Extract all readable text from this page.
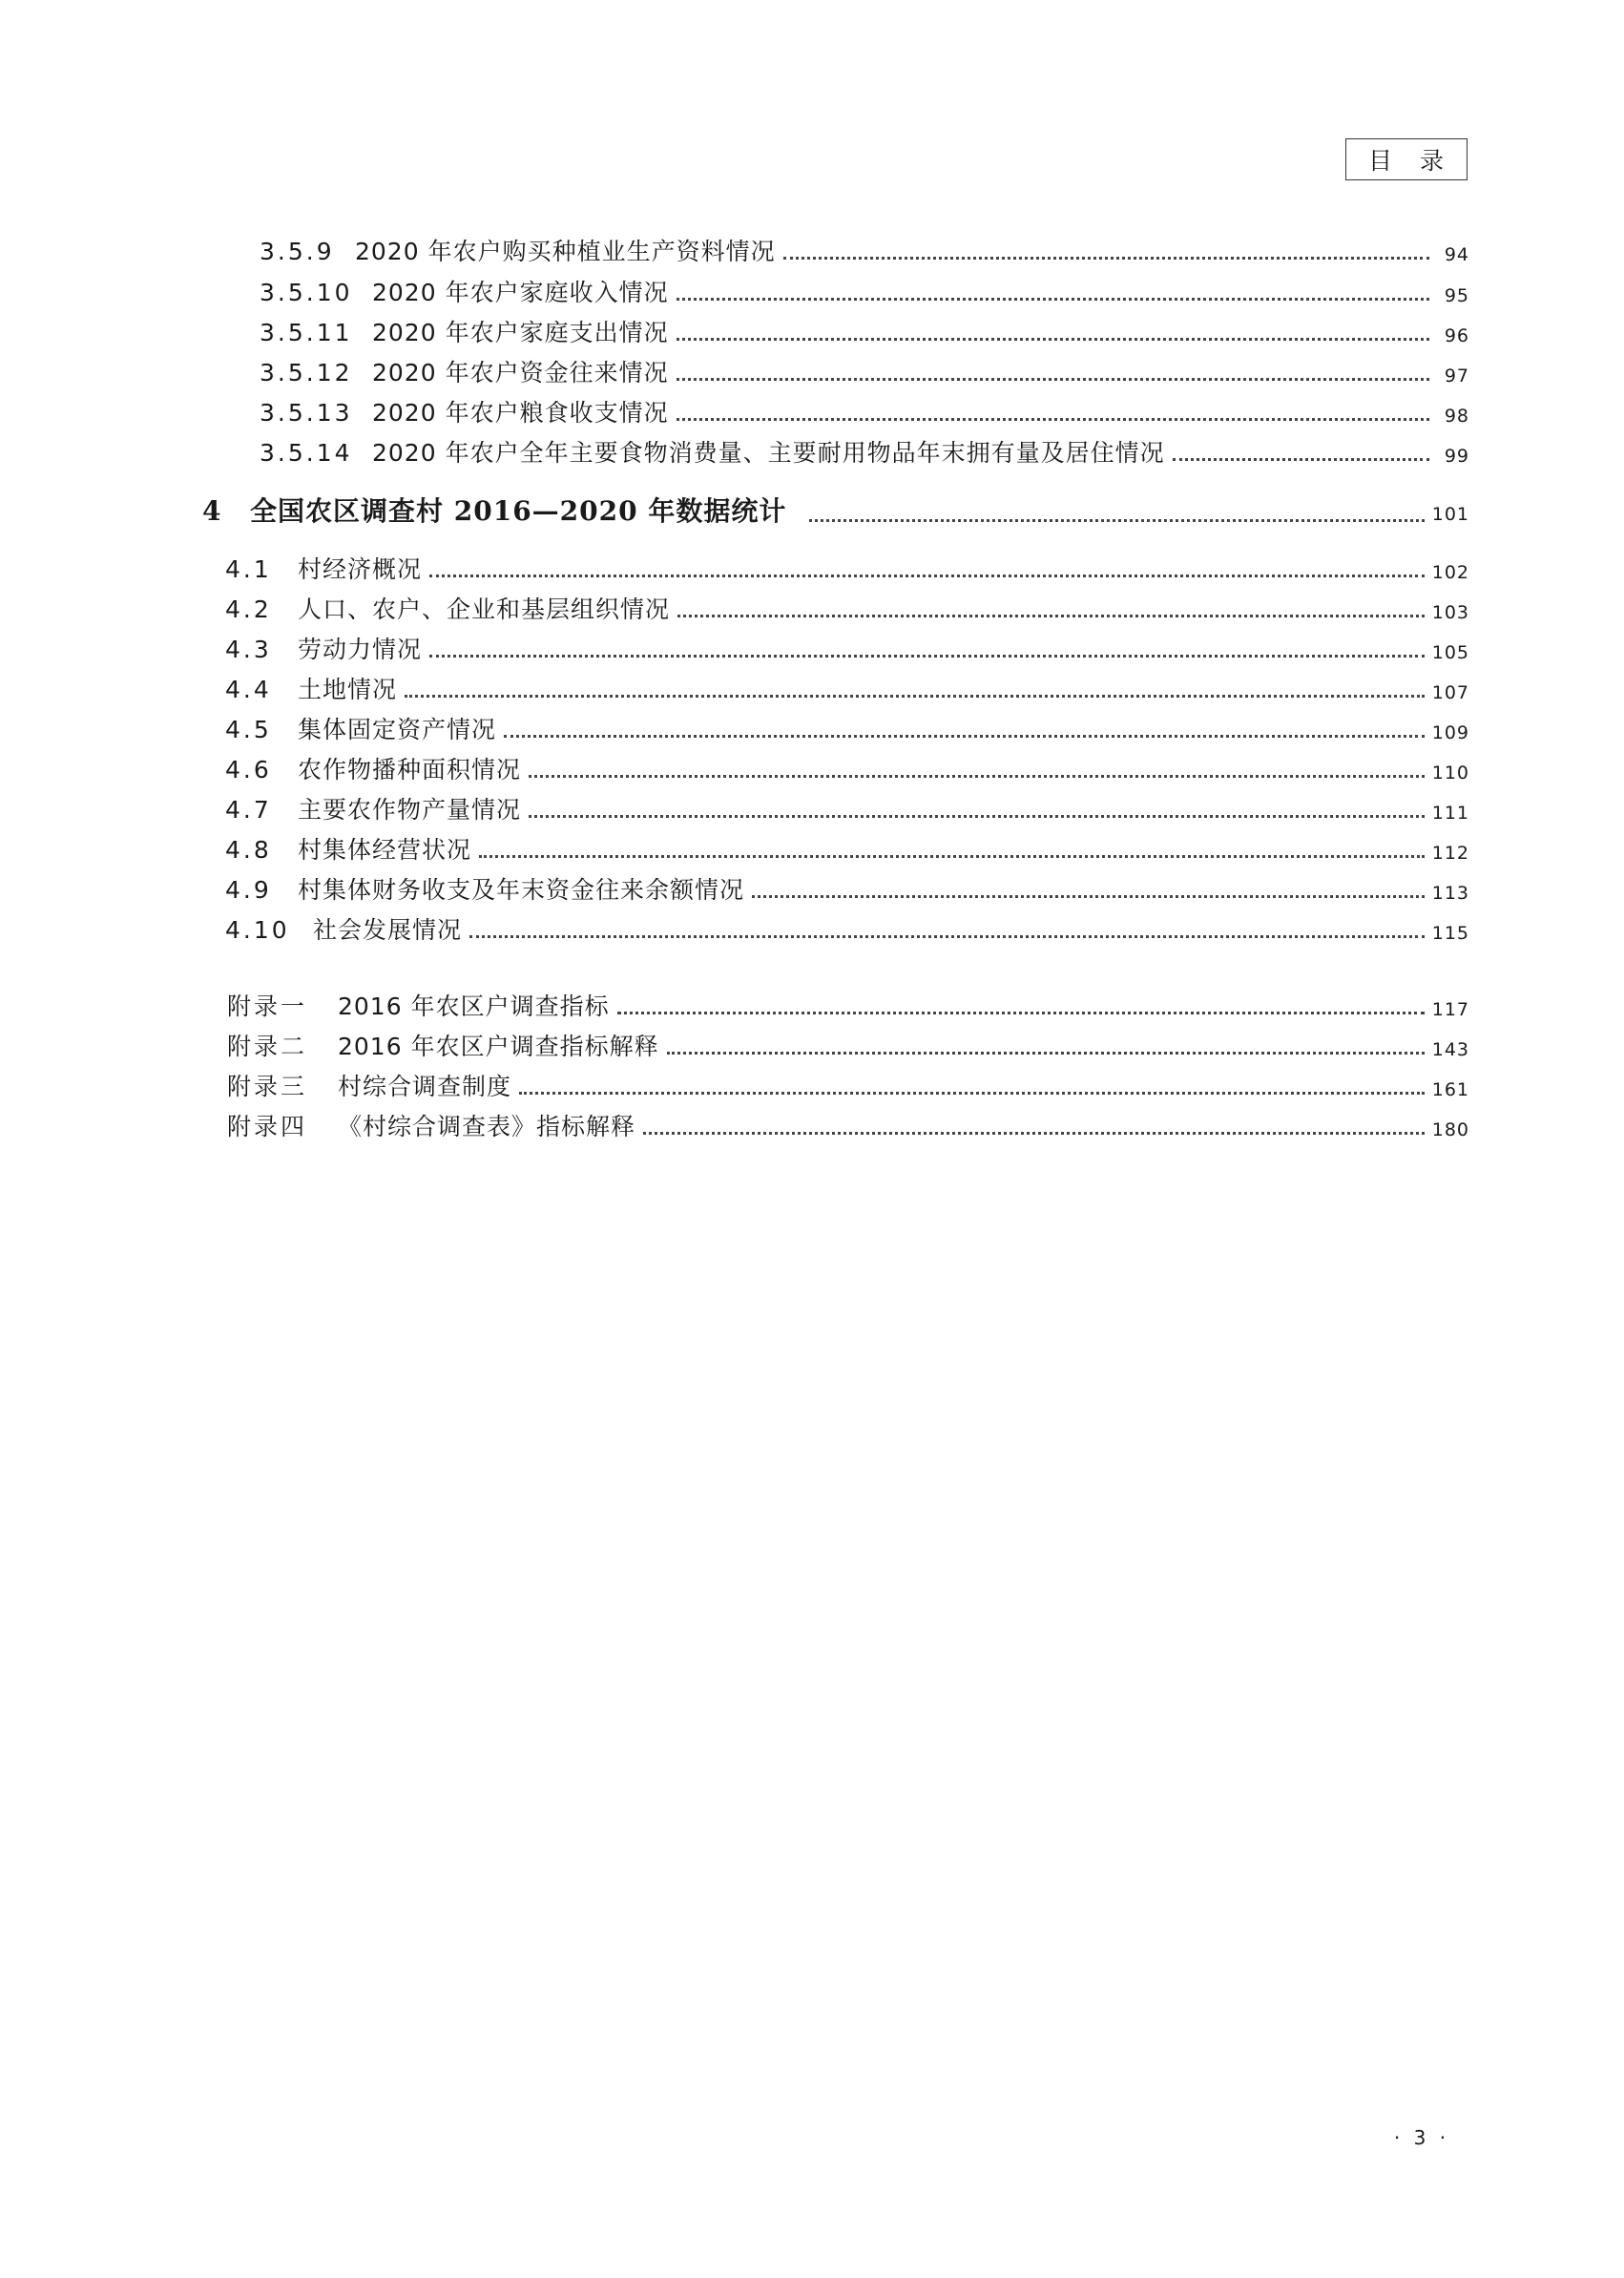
目 录
3.5.9 2020 年农户购买种植业生产资料情况	94
3.5.10 2020 年农户家庭收入情况	95
3.5.11 2020 年农户家庭支出情况	96
3.5.12 2020 年农户资金往来情况	97
3.5.13 2020 年农户粮食收支情况	98
3.5.14 2020 年农户全年主要食物消费量、主要耐用物品年末拥有量及居住情况	99
4	全国农区调查村 2016—2020 年数据统计	101
4.1	村经济概况	102
4.2	人口、农户、企业和基层组织情况	103
4.3	劳动力情况	105
4.4	土地情况	107
4.5	集体固定资产情况	109
4.6	农作物播种面积情况	110
4.7	主要农作物产量情况	111
4.8	村集体经营状况	112
4.9	村集体财务收支及年末资金往来余额情况	113
4.10 社会发展情况	115
附录一	2016 年农区户调查指标	117
附录二	2016 年农区户调查指标解释	143
附录三	村综合调查制度	161
附录四	《村综合调查表》指标解释	180
· 3 ·
